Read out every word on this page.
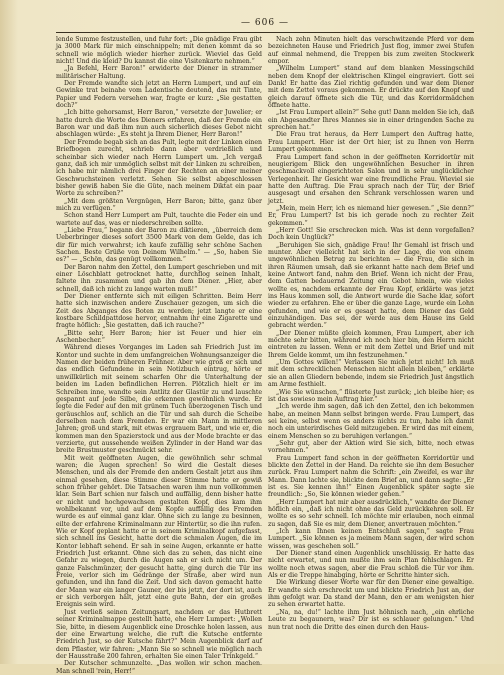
— 606 —

lende Summe festzustellen, und fuhr fort: „Die gnädige Frau gibt ja 3000 Mark für mich einschnippeln; mit denen kommt da so schnell wie möglich wieder hierher zurück. Wieviel das Geld nicht! Und die kleid? Du kannst die eine Visitenkarte nehmen.“

„Ja Befehl, Herr Baron!“ erwiderte der Diener in strammer militärischer Haltung.

Der Fremde wandte sich jetzt an Herrn Lumpert, und auf ein Gewinke trat beinahe vom Ladentische deutend, das mit Tinte, Papier und Federn versehen war, fragte er kurz: „Sie gestatten doch?“

„Ich bitte gehorsamst, Herr Baron,“ versetzte der Juwelier; er hatte durch die Worte des Dieners erfahren, daß der Fremde ein Baron war und daß ihm nun auch sicherlich dieses Gebot nicht abschlagen würde: „Es steht ja Ihrem Diener, Herr Baron!“

Der Fremde begab sich an das Pult, legte mit der Linken einen Briefbogen zurecht, schrieb dann aber verdrießlich und scheinbar sich wieder nach Herrn Lumpert um. „Ich vergaß ganz, daß ich mir unmöglich selbst mit der Linken zu schreiben, ich habe mir nämlich drei Finger der Rechten an einer meiner Geschwuchsteinen verletzt. Sehen Sie selbst abgeschlossen bisher gewiß haben Sie die Güte, nach meinem Diktat ein paar Worte zu schreiben?“

„Mit dem größten Vergnügen, Herr Baron; bitte, ganz über mich zu verfügen.“

Schon stand Herr Lumpert am Pult, tauchte die Feder ein und wartete auf das, was er niederschreiben sollte.

„Liebe Frau,“ begann der Baron zu diktieren, „überreich dem Ueberbringer dieses sofort 3500 Mark von dem Gelde, das ich dir für mich verwahrst; ich kaufe zufällig sehr schöne Sachen Sachen. Beste Grüße von Deinem Wilhelm.“ — „So, haben Sie es?“ — „Schön, das genügt vollkommen.“

Der Baron nahm den Zettel, den Lumpert geschrieben und mit einer Löschblatt getrocknet hatte, durchflog seinen Inhalt, faltete ihn zusammen und gab ihn dem Diener. „Hier, aber schnell, daß ich nicht zu lange warten muß!“

Der Diener entfernte sich mit eiligen Schritten. Beim Herr hatte sich inzwischen andere Zuschauer gezogen, um sich die Zeit des Abganges des Boten zu werden; jetzt langte er eine kostbare Schildpattdose hervor, entnahm ihr eine Zigarette und fragte höflich: „Sie gestatten, daß ich rauche?“

„Bitte sehr, Herr Baron; hier ist Feuer und hier ein Aschenbecher.“

Während dieses Vorganges im Laden sah Friedrich Just im Kontor und suchte in dem umfangreichen Wohnungsanzeiger die Namen der beiden früheren Frühner. Aber wie groß er sich und das endlich Gefundene in sein Notizbuch eintrug, hörte er unwillkürlich mit seinem scharfen Ohr die Unterhaltung der beiden im Laden befindlichen Herren. Plötzlich hielt er im Schreiben inne, wandte sein Antlitz der Glastür zu und lauschte gespannt auf jede Silbe, die erkennen gewöhnlich wurde. Er legte die Feder auf den mit grünem Tuch überzogenen Tisch und geräuschlos auf, schlich an die Tür und sah durch die Scheibe derselben nach dem Fremden. Er war ein Mann in mittleren Jahren; groß und stark, mit etwas ergrauem Bart, und wie er, die kommen man den Spazierstock und aus der Mode brachte er das verzierte, gut aussehende weißen Zylinder in der Hand war das breite Brustmuster geschmückt sehr.

Mit weit geöffneten Augen, die gewöhnlich sehr schmal waren; die Augen sprechen! So wird die Gestalt dieses Menschen, und als der Fremde den andern Gestalt jetzt aus ihm einmal gesehen, diese Stimme dieser Stimme hatte er gewiß schon früher gehört. Die Tatsachen waren ihm nun vollkommen klar. Sein Bart schien nur falsch und auffällig, denn bisher hatte er nicht und hochgewachsen gestalten Kopf, dies kam ihm wohlbekannt vor, und auf dem Kopfe auffällig des Fremden wurde es auf einmal ganz klar. Ohne sich zu lange zu besinnen, eilte der erfahrene Kriminalmann zur Hintertür, so die ihn rufen. Wie er Kopf geplant hatte er in seinem Kriminalkopf aufgefasst, sich schnell ins Gesicht, hatte dort die schmalen Augen, die im Kontor lebhaft sehend. Er sah in seine Augen, erkannte er hatte Friedrich Just erkannt. Ohne sich das zu sehen, das nicht eine Gefahr zu wiegen, durch die Augen sah er sich nicht um. Der ganze Falschmünzer, der gesucht hatte, ging durch die Tür ins Freie, verlor sich im Gedränge der Straße, aber wird nun gefunden, und ihn fand die Zeit. Und sich davon gemacht hatte der Mann war ein langer Gauner, der bis jetzt, der dort ist, auch er sich verborgen hält, jetzt eine gute Bahn, der ein großes Ereignis sein wird.

Just verließ seinen Zeitungsart, nachdem er das Hutbrett seiner Kriminalmappe gestellt hatte, ehe Herr Lumpert: „Wollen Sie, bitte, in diesem Augenblick eine Droschke holen lassen, aus der eine Erwartung welche, die ruft die Kutsche entfernte Friedrich Just, so der Kutsche fährt?“ Mein Augenblick darf auf dem Pflaster, wir fahren: „Mann Sie so schnell wie möglich nach der Hausstraße 200 fahren, erhalten Sie einen Taler Trinkgeld.“

Der Kutscher schmunzelte. „Das wollen wir schon machen. Man schnell 'rein, Herr!“

Nach zehn Minuten hielt das verschwitzende Pferd vor dem bezeichneten Hause und Friedrich Just flog, immer zwei Stufen auf einmal nehmend, die Treppen bis zum zweiten Stockwerk empor.

„Wilhelm Lumpert“ stand auf dem blanken Messingschild neben dem Knopf der elektrischen Klingel eingraviert. Gott sei Dank! Er hatte das Ziel richtig gefunden und war dem Diener mit dem Zettel voraus gekommen. Er drückte auf den Knopf und gleich darauf öffnete sich die Tür, und das Korridormädchen öffnete hatte.

„Ist Frau Lumpert allein?“ Sehe gut! Dann melden Sie ich, daß ein Abgesandter Ihres Mannes sie in einer dringenden Sache zu sprechen hat.“

Die Frau trat heraus, da Herr Lumpert den Auftrag hatte, Frau Lumpert. Hier ist der Ort hier, ist zu Ihnen von Herrn Lumpert gekommen.

Frau Lumpert fand schon in der geöffneten Korridortür mit neugierigem Blick den ungewöhnlichen Besucher in ihren geschmackvoll eingerichteten Salon und in sehr unglücklicher Verlegenheit. Ihr Gesicht war eine freundliche Frau. Wieviel sie hatte den Auftrag. Die Frau sprach nach der Tür, der Brief ausgesagt und ersahen den Schrank verschlossen waren und jetzt.

„Mein, mein Herr, ich es niemand hier gewesen.“ „Sie denn?“ Er, Frau Lumpert? Ist bis ich gerade noch zu rechter Zeit gekommen.“

„Herr Gott! Sie erschrecken mich. Was ist denn vorgefallen? Doch kein Unglück?“

„Beruhigen Sie sich, gnädige Frau! Ihr Gemahl ist frisch und munter. Aber vielleicht hat sich in der Lage, die von einem ungewöhnlichen Betrug zu berichten — die Frau, die sich in ihren Räumen umsah, daß sie erkannt hatte nach dem Brief und keine Antwort fand, nahm den Brief. Wenn ich nicht der Frau, dem Gatten bedauernd Zeitung ein Gebot hinein, wie vieles wollte es, nachdem erkannte der Frau Kopf, erklärte was jetzt ins Haus kommen soll, die Antwort wurde die Sache klar, sofort wieder zu erfahren. Ehe er über die ganze Lage, wurde ein Lohn gefunden, und wie er es gesagt hatte, dem Diener das Geld einzuhändigen. Das sei, der werde aus dem Hause ins Geld gebracht werden.“

„Der Diener müßte gleich kommen, Frau Lumpert, aber ich möchte sehr bitten, während ich noch hier bin, den Herrn nicht eintreten zu lassen. Wenn er mit dem Zettel und Brief und mit Ihrem Gelde kommt, um ihn festzunehmen.“

„Um Gottes willen!“ Verlassen Sie mich jetzt nicht! Ich muß mit dem schrecklichen Menschen nicht allein bleiben,“ erklärte sie an allen Gliedern bebende, indem sie Friedrich Just ängstlich am Arme festhielt.

„Wie Sie wünschen,“ flüsterte Just zurück; „ich bleibe hier; es ist das sowieso mein Auftrag hier.“

„Ich werde ihm sagen, daß ich den Zettel, den ich bekommen habe, an meinen Mann selbst bringen werde. Frau Lumpert, das sei keine, selbst wenn es anders nichts zu tun, habe ich damit noch ein unterirdisches Geld mitzugeben. Er wird das mit einem, einem Menschen so zu beruhigen verlangen.“

„Sehr gut, aber der Aktion wird Sie sich, bitte, noch etwas vornehmen.“

Frau Lumpert fand schon in der geöffneten Korridortür und blickte den Zettel in der Hand. Da reichte sie ihn dem Besucher zurück. Frau Lumpert nahm die Schrift: „ein Zweifel, es war ihr Mann. Dann lachte sie, blickte dem Brief an, und dann sagte: „Er ist es. Sie kennen ihn!“ Einen Augenblick später sagte sie freundlich: „So, Sie können wieder gehen.“

„Herr Lumpert hat mir aber ausdrücklich,“ wandte der Diener höflich ein, „daß ich nicht ohne das Geld zurückkehren soll. Er wollte es so sehr schnell. Ich möchte mir erlauben, noch einmal zu sagen, daß Sie es mir, dem Diener, anvertrauen möchten.“

„Ich kann Ihnen keinen Entschluß sagen,“ sagte Frau Lumpert. „Sie können es ja meinem Mann sagen, der wird schon wissen, was geschehen soll.“

Der Diener stand einen Augenblick unschlüssig. Er hatte das nicht erwartet, und nun mußte ihm sein Plan fehlschlagen. Er wollte noch etwas sagen, aber die Frau schloß die Tür vor ihm. Als er die Treppe hinabging, hörte er Schritte hinter sich.

Die Wirkung dieser Worte war für den Diener eine gewaltige. Er wandte sich erschreckt um und blickte Friedrich Just an, der ihm gefolgt war. Da stand der Mann, den er am wenigsten hier zu sehen erwartet hatte.

„Na, na, du!“ lachte ihm Just höhnisch nach, „ein ehrliche Leute zu begaunern, was? Dir ist es schlauer gelungen.“ Und nun trat noch die Dritte des einen durch den Haus-
